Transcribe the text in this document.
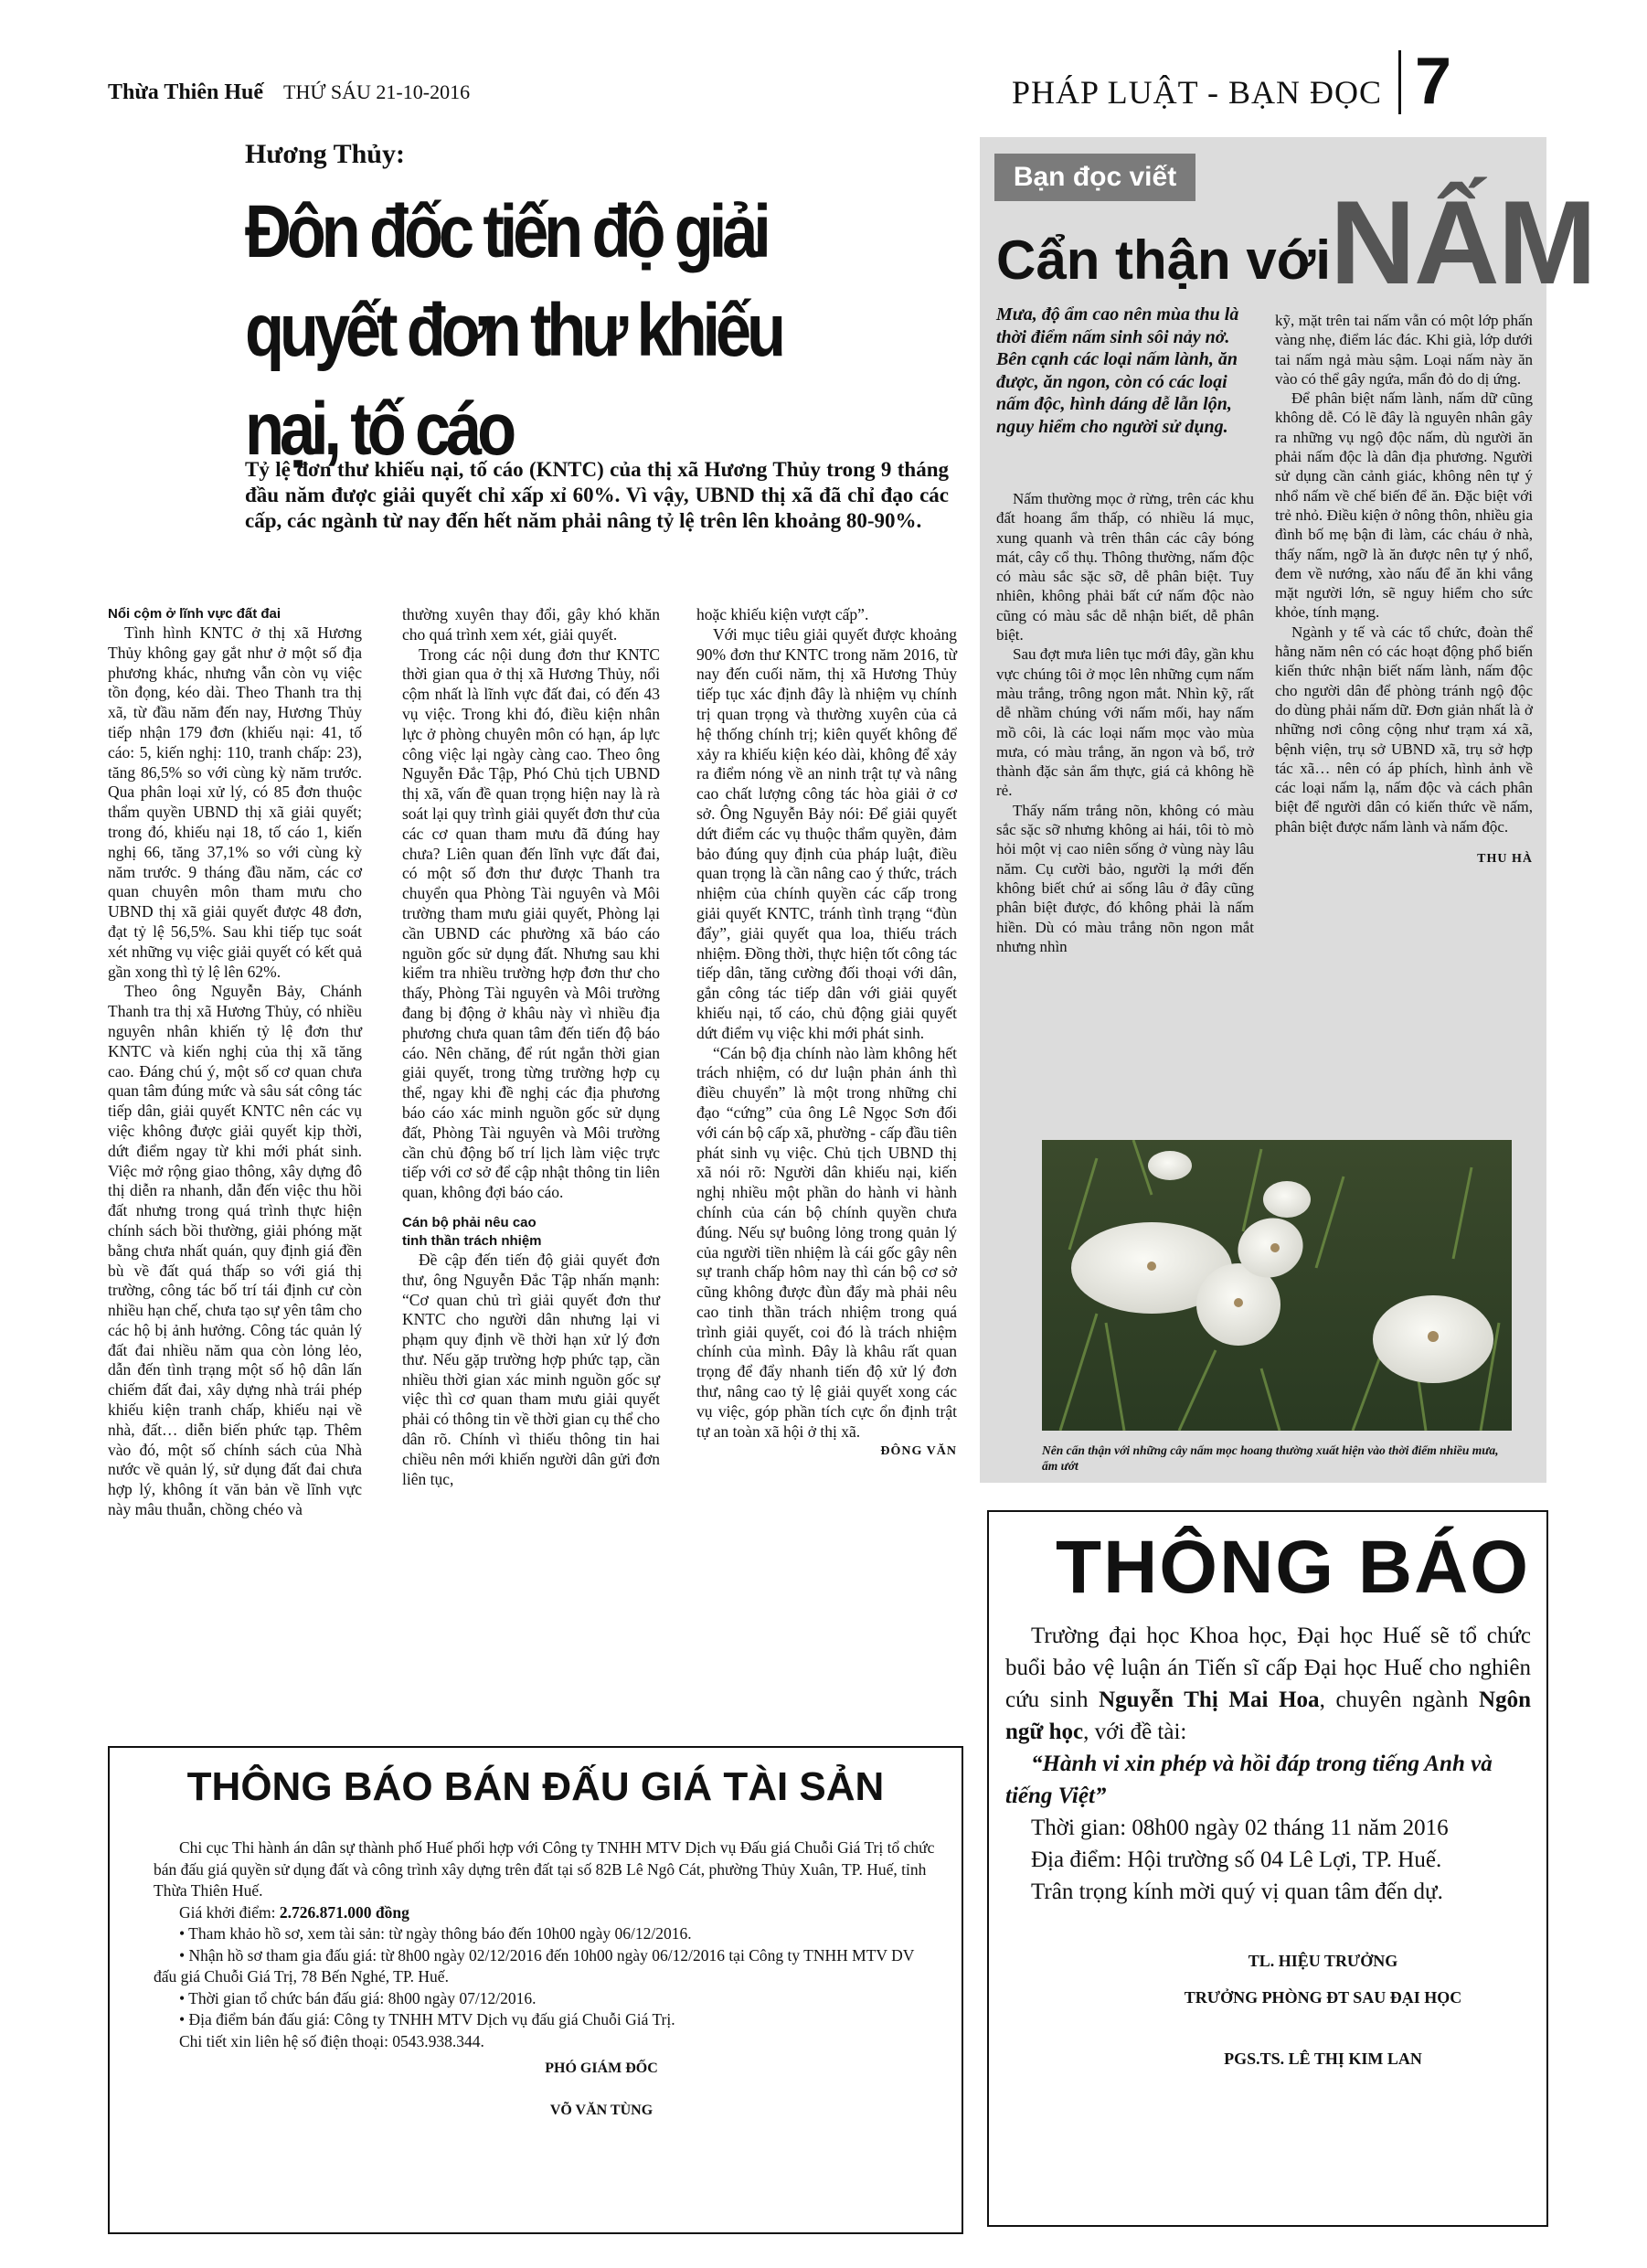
Thừa Thiên Huế THỨ SÁU 21-10-2016	PHÁP LUẬT - BẠN ĐỌC 7
Hương Thủy:
Đôn đốc tiến độ giải quyết đơn thư khiếu nại, tố cáo
Tỷ lệ đơn thư khiếu nại, tố cáo (KNTC) của thị xã Hương Thủy trong 9 tháng đầu năm được giải quyết chỉ xấp xỉ 60%. Vì vậy, UBND thị xã đã chỉ đạo các cấp, các ngành từ nay đến hết năm phải nâng tỷ lệ trên lên khoảng 80-90%.
Nổi cộm ở lĩnh vực đất đai

Tình hình KNTC ở thị xã Hương Thủy không gay gắt như ở một số địa phương khác, nhưng vẫn còn vụ việc tồn đọng, kéo dài. Theo Thanh tra thị xã, từ đầu năm đến nay, Hương Thủy tiếp nhận 179 đơn (khiếu nại: 41, tố cáo: 5, kiến nghị: 110, tranh chấp: 23), tăng 86,5% so với cùng kỳ năm trước. Qua phân loại xử lý, có 85 đơn thuộc thẩm quyền UBND thị xã giải quyết; trong đó, khiếu nại 18, tố cáo 1, kiến nghị 66, tăng 37,1% so với cùng kỳ năm trước. 9 tháng đầu năm, các cơ quan chuyên môn tham mưu cho UBND thị xã giải quyết được 48 đơn, đạt tỷ lệ 56,5%. Sau khi tiếp tục soát xét những vụ việc giải quyết có kết quả gần xong thì tỷ lệ lên 62%.

Theo ông Nguyễn Bảy, Chánh Thanh tra thị xã Hương Thủy, có nhiều nguyên nhân khiến tỷ lệ đơn thư KNTC và kiến nghị của thị xã tăng cao. Đáng chú ý, một số cơ quan chưa quan tâm đúng mức và sâu sát công tác tiếp dân, giải quyết KNTC nên các vụ việc không được giải quyết kịp thời, dứt điểm ngay từ khi mới phát sinh. Việc mở rộng giao thông, xây dựng đô thị diễn ra nhanh, dẫn đến việc thu hồi đất nhưng trong quá trình thực hiện chính sách bồi thường, giải phóng mặt bằng chưa nhất quán, quy định giá đền bù về đất quá thấp so với giá thị trường, công tác bố trí tái định cư còn nhiều hạn chế, chưa tạo sự yên tâm cho các hộ bị ảnh hưởng. Công tác quản lý đất đai nhiều năm qua còn lỏng lẻo, dẫn đến tình trạng một số hộ dân lấn chiếm đất đai, xây dựng nhà trái phép khiếu kiện tranh chấp, khiếu nại về nhà, đất… diễn biến phức tạp. Thêm vào đó, một số chính sách của Nhà nước về quản lý, sử dụng đất đai chưa hợp lý, không ít văn bản về lĩnh vực này mâu thuẫn, chồng chéo và

thường xuyên thay đổi, gây khó khăn cho quá trình xem xét, giải quyết.

Trong các nội dung đơn thư KNTC thời gian qua ở thị xã Hương Thủy, nổi cộm nhất là lĩnh vực đất đai, có đến 43 vụ việc. Trong khi đó, điều kiện nhân lực ở phòng chuyên môn có hạn, áp lực công việc lại ngày càng cao. Theo ông Nguyễn Đắc Tập, Phó Chủ tịch UBND thị xã, vấn đề quan trọng hiện nay là rà soát lại quy trình giải quyết đơn thư của các cơ quan tham mưu đã đúng hay chưa? Liên quan đến lĩnh vực đất đai, có một số đơn thư được Thanh tra chuyển qua Phòng Tài nguyên và Môi trường tham mưu giải quyết, Phòng lại cần UBND các phường xã báo cáo nguồn gốc sử dụng đất. Nhưng sau khi kiểm tra nhiều trường hợp đơn thư cho thấy, Phòng Tài nguyên và Môi trường đang bị động ở khâu này vì nhiều địa phương chưa quan tâm đến tiến độ báo cáo. Nên chăng, để rút ngắn thời gian giải quyết, trong từng trường hợp cụ thể, ngay khi đề nghị các địa phương báo cáo xác minh nguồn gốc sử dụng đất, Phòng Tài nguyên và Môi trường cần chủ động bố trí lịch làm việc trực tiếp với cơ sở để cập nhật thông tin liên quan, không đợi báo cáo.

Cán bộ phải nêu cao
tinh thần trách nhiệm

Đề cập đến tiến độ giải quyết đơn thư, ông Nguyễn Đắc Tập nhấn mạnh: “Cơ quan chủ trì giải quyết đơn thư KNTC cho người dân nhưng lại vi phạm quy định về thời hạn xử lý đơn thư. Nếu gặp trường hợp phức tạp, cần nhiều thời gian xác minh nguồn gốc sự việc thì cơ quan tham mưu giải quyết phải có thông tin về thời gian cụ thể cho dân rõ. Chính vì thiếu thông tin hai chiều nên mới khiến người dân gửi đơn liên tục,

hoặc khiếu kiện vượt cấp”.

Với mục tiêu giải quyết được khoảng 90% đơn thư KNTC trong năm 2016, từ nay đến cuối năm, thị xã Hương Thủy tiếp tục xác định đây là nhiệm vụ chính trị quan trọng và thường xuyên của cả hệ thống chính trị; kiên quyết không để xảy ra khiếu kiện kéo dài, không để xảy ra điểm nóng về an ninh trật tự và nâng cao chất lượng công tác hòa giải ở cơ sở. Ông Nguyễn Bảy nói: Để giải quyết dứt điểm các vụ thuộc thẩm quyền, đảm bảo đúng quy định của pháp luật, điều quan trọng là cần nâng cao ý thức, trách nhiệm của chính quyền các cấp trong giải quyết KNTC, tránh tình trạng “đùn đẩy”, giải quyết qua loa, thiếu trách nhiệm. Đồng thời, thực hiện tốt công tác tiếp dân, tăng cường đối thoại với dân, gắn công tác tiếp dân với giải quyết khiếu nại, tố cáo, chủ động giải quyết dứt điểm vụ việc khi mới phát sinh.

“Cán bộ địa chính nào làm không hết trách nhiệm, có dư luận phản ánh thì điều chuyển” là một trong những chỉ đạo “cứng” của ông Lê Ngọc Sơn đối với cán bộ cấp xã, phường - cấp đầu tiên phát sinh vụ việc. Chủ tịch UBND thị xã nói rõ: Người dân khiếu nại, kiến nghị nhiều một phần do hành vi hành chính của cán bộ chính quyền chưa đúng. Nếu sự buông lỏng trong quản lý của người tiền nhiệm là cái gốc gây nên sự tranh chấp hôm nay thì cán bộ cơ sở cũng không được đùn đẩy mà phải nêu cao tinh thần trách nhiệm trong quá trình giải quyết, coi đó là trách nhiệm chính của mình. Đây là khâu rất quan trọng để đẩy nhanh tiến độ xử lý đơn thư, nâng cao tỷ lệ giải quyết xong các vụ việc, góp phần tích cực ổn định trật tự an toàn xã hội ở thị xã.

ĐÔNG VĂN
Bạn đọc viết
Cẩn thận với
NẤM
Mưa, độ ẩm cao nên mùa thu là thời điểm nấm sinh sôi nảy nở. Bên cạnh các loại nấm lành, ăn được, ăn ngon, còn có các loại nấm độc, hình dáng dễ lẫn lộn, nguy hiểm cho người sử dụng.

Nấm thường mọc ở rừng, trên các khu đất hoang ẩm thấp, có nhiều lá mục, xung quanh và trên thân các cây bóng mát, cây cổ thụ. Thông thường, nấm độc có màu sắc sặc sỡ, dễ phân biệt. Tuy nhiên, không phải bất cứ nấm độc nào cũng có màu sắc dễ nhận biết, dễ phân biệt.

Sau đợt mưa liên tục mới đây, gần khu vực chúng tôi ở mọc lên những cụm nấm màu trắng, trông ngon mắt. Nhìn kỹ, rất dễ nhầm chúng với nấm mối, hay nấm mồ côi, là các loại nấm mọc vào mùa mưa, có màu trắng, ăn ngon và bổ, trở thành đặc sản ẩm thực, giá cả không hề rẻ.

Thấy nấm trắng nõn, không có màu sắc sặc sỡ nhưng không ai hái, tôi tò mò hỏi một vị cao niên sống ở vùng này lâu năm. Cụ cười bảo, người lạ mới đến không biết chứ ai sống lâu ở đây cũng phân biệt được, đó không phải là nấm hiền. Dù có màu trắng nõn ngon mắt nhưng nhìn

kỹ, mặt trên tai nấm vẫn có một lớp phấn vàng nhẹ, điểm lác đác. Khi già, lớp dưới tai nấm ngả màu sậm. Loại nấm này ăn vào có thể gây ngứa, mẩn đỏ do dị ứng.

Để phân biệt nấm lành, nấm dữ cũng không dễ. Có lẽ đây là nguyên nhân gây ra những vụ ngộ độc nấm, dù người ăn phải nấm độc là dân địa phương. Người sử dụng cần cảnh giác, không nên tự ý nhổ nấm về chế biến để ăn. Đặc biệt với trẻ nhỏ. Điều kiện ở nông thôn, nhiều gia đình bố mẹ bận đi làm, các cháu ở nhà, thấy nấm, ngỡ là ăn được nên tự ý nhổ, đem về nướng, xào nấu để ăn khi vắng mặt người lớn, sẽ nguy hiểm cho sức khỏe, tính mạng.

Ngành y tế và các tổ chức, đoàn thể hằng năm nên có các hoạt động phổ biến kiến thức nhận biết nấm lành, nấm độc cho người dân để phòng tránh ngộ độc do dùng phải nấm dữ. Đơn giản nhất là ở những nơi công cộng như trạm xá xã, bệnh viện, trụ sở UBND xã, trụ sở hợp tác xã… nên có áp phích, hình ảnh về các loại nấm lạ, nấm độc và cách phân biệt để người dân có kiến thức về nấm, phân biệt được nấm lành và nấm độc.

THU HÀ
Nên cẩn thận với những cây nấm mọc hoang thường xuất hiện vào thời điểm nhiều mưa, ẩm ướt
THÔNG BÁO

Trường đại học Khoa học, Đại học Huế sẽ tổ chức buổi bảo vệ luận án Tiến sĩ cấp Đại học Huế cho nghiên cứu sinh Nguyễn Thị Mai Hoa, chuyên ngành Ngôn ngữ học, với đề tài:

“Hành vi xin phép và hồi đáp trong tiếng Anh và tiếng Việt”

Thời gian: 08h00 ngày 02 tháng 11 năm 2016

Địa điểm: Hội trường số 04 Lê Lợi, TP. Huế.

Trân trọng kính mời quý vị quan tâm đến dự.

TL. HIỆU TRƯỞNG

TRƯỞNG PHÒNG ĐT SAU ĐẠI HỌC

PGS.TS. LÊ THỊ KIM LAN

THÔNG BÁO BÁN ĐẤU GIÁ TÀI SẢN

Chi cục Thi hành án dân sự thành phố Huế phối hợp với Công ty TNHH MTV Dịch vụ Đấu giá Chuỗi Giá Trị tổ chức bán đấu giá quyền sử dụng đất và công trình xây dựng trên đất tại số 82B Lê Ngô Cát, phường Thủy Xuân, TP. Huế, tỉnh Thừa Thiên Huế.

Giá khởi điểm: 2.726.871.000 đồng

• Tham khảo hồ sơ, xem tài sản: từ ngày thông báo đến 10h00 ngày 06/12/2016.

• Nhận hồ sơ tham gia đấu giá: từ 8h00 ngày 02/12/2016 đến 10h00 ngày 06/12/2016 tại Công ty TNHH MTV DV đấu giá Chuỗi Giá Trị, 78 Bến Nghé, TP. Huế.

• Thời gian tổ chức bán đấu giá: 8h00 ngày 07/12/2016.

• Địa điểm bán đấu giá: Công ty TNHH MTV Dịch vụ đấu giá Chuỗi Giá Trị.

Chi tiết xin liên hệ số điện thoại: 0543.938.344.

PHÓ GIÁM ĐỐC

VÕ VĂN TÙNG
